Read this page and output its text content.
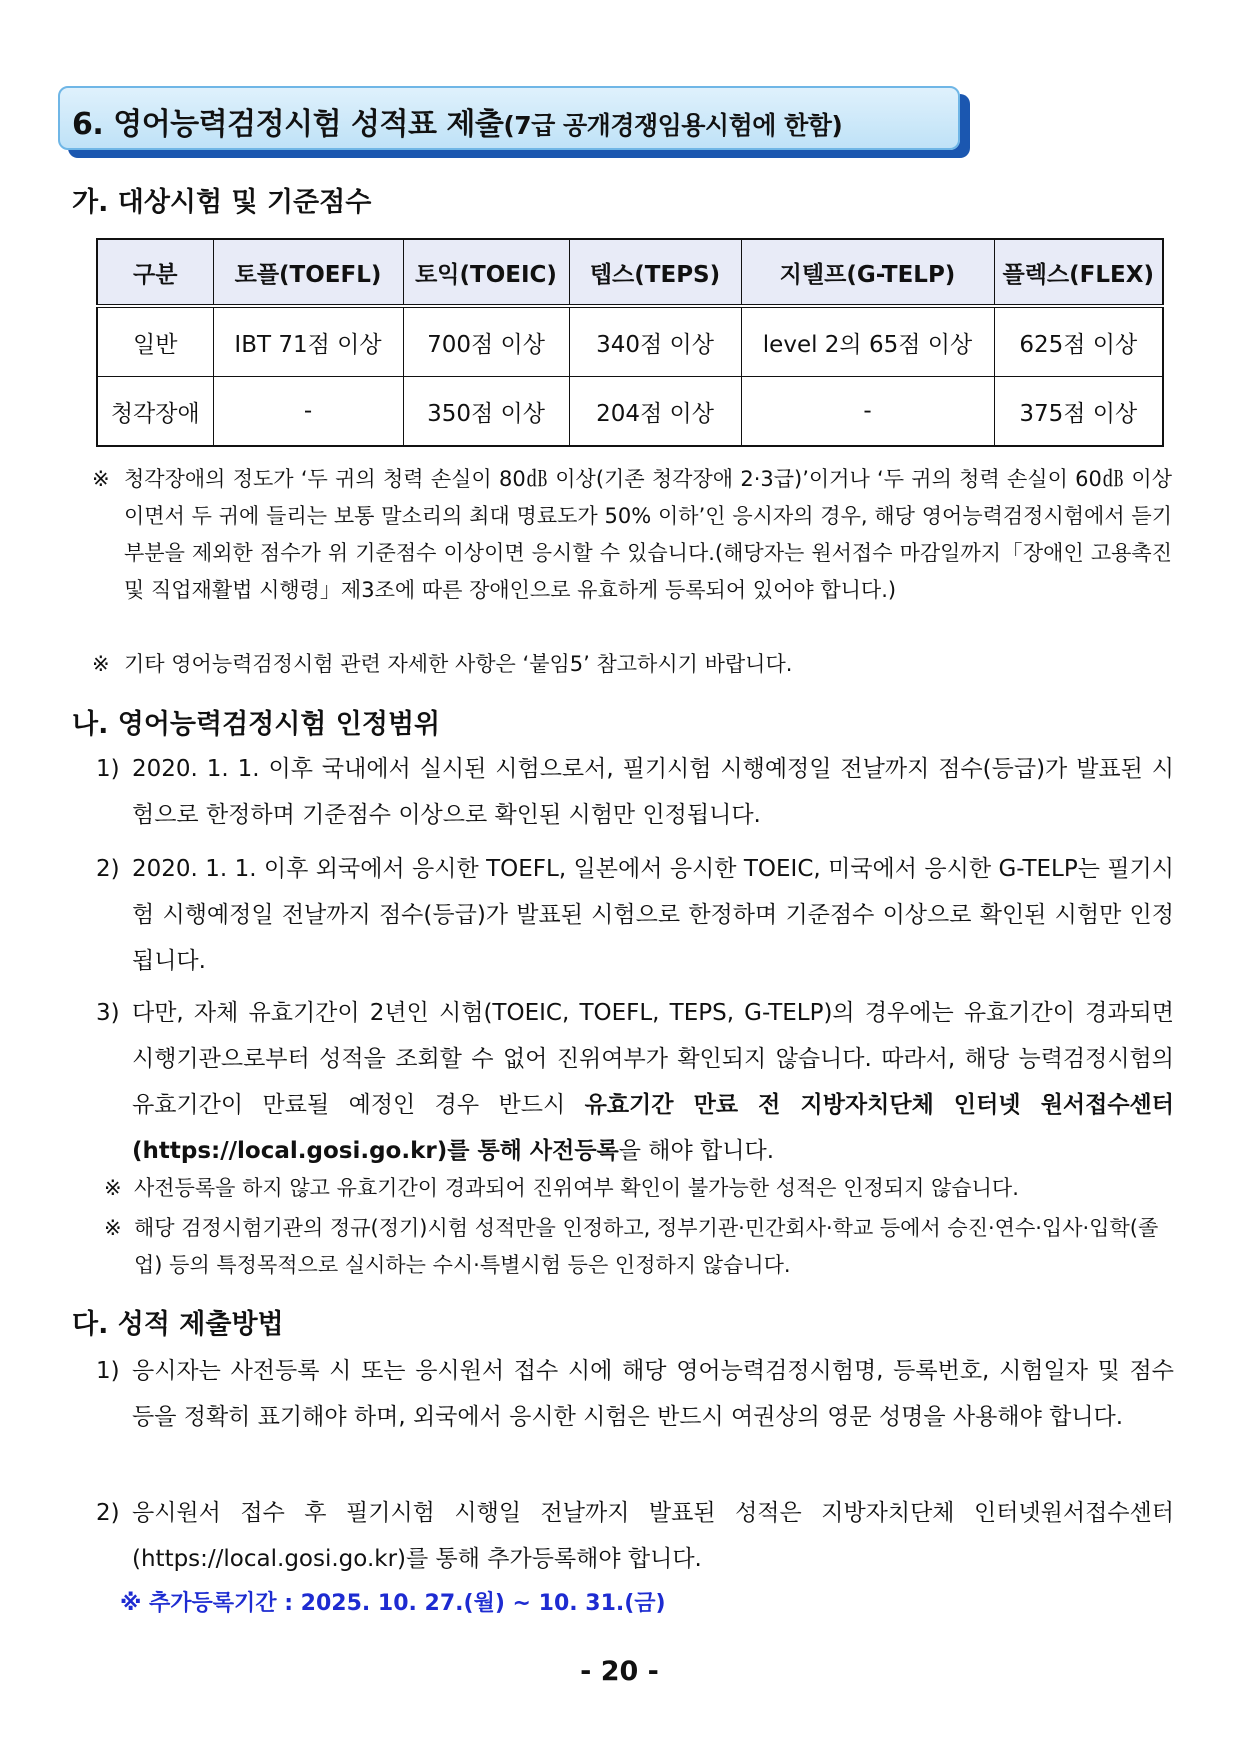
6. 영어능력검정시험 성적표 제출(7급 공개경쟁임용시험에 한함)
가. 대상시험 및 기준점수
구분	토플(TOEFL)	토익(TOEIC)	텝스(TEPS)	지텔프(G-TELP)	플렉스(FLEX)
일반	IBT 71점 이상	700점 이상	340점 이상	level 2의 65점 이상	625점 이상
청각장애	-	350점 이상	204점 이상	-	375점 이상
※ 청각장애의 정도가 ‘두 귀의 청력 손실이 80㏈ 이상(기존 청각장애 2·3급)’이거나 ‘두 귀의 청력 손실이 60㏈ 이상이면서 두 귀에 들리는 보통 말소리의 최대 명료도가 50% 이하’인 응시자의 경우, 해당 영어능력검정시험에서 듣기부분을 제외한 점수가 위 기준점수 이상이면 응시할 수 있습니다.(해당자는 원서접수 마감일까지「장애인 고용촉진 및 직업재활법 시행령」제3조에 따른 장애인으로 유효하게 등록되어 있어야 합니다.)
※ 기타 영어능력검정시험 관련 자세한 사항은 ‘붙임5’ 참고하시기 바랍니다.
나. 영어능력검정시험 인정범위
1) 2020. 1. 1. 이후 국내에서 실시된 시험으로서, 필기시험 시행예정일 전날까지 점수(등급)가 발표된 시험으로 한정하며 기준점수 이상으로 확인된 시험만 인정됩니다.
2) 2020. 1. 1. 이후 외국에서 응시한 TOEFL, 일본에서 응시한 TOEIC, 미국에서 응시한 G-TELP는 필기시험 시행예정일 전날까지 점수(등급)가 발표된 시험으로 한정하며 기준점수 이상으로 확인된 시험만 인정됩니다.
3) 다만, 자체 유효기간이 2년인 시험(TOEIC, TOEFL, TEPS, G-TELP)의 경우에는 유효기간이 경과되면 시행기관으로부터 성적을 조회할 수 없어 진위여부가 확인되지 않습니다. 따라서, 해당 능력검정시험의 유효기간이 만료될 예정인 경우 반드시 유효기간 만료 전 지방자치단체 인터넷 원서접수센터(https://local.gosi.go.kr)를 통해 사전등록을 해야 합니다.
※ 사전등록을 하지 않고 유효기간이 경과되어 진위여부 확인이 불가능한 성적은 인정되지 않습니다.
※ 해당 검정시험기관의 정규(정기)시험 성적만을 인정하고, 정부기관·민간회사·학교 등에서 승진·연수·입사·입학(졸업) 등의 특정목적으로 실시하는 수시·특별시험 등은 인정하지 않습니다.
다. 성적 제출방법
1) 응시자는 사전등록 시 또는 응시원서 접수 시에 해당 영어능력검정시험명, 등록번호, 시험일자 및 점수 등을 정확히 표기해야 하며, 외국에서 응시한 시험은 반드시 여권상의 영문 성명을 사용해야 합니다.
2) 응시원서 접수 후 필기시험 시행일 전날까지 발표된 성적은 지방자치단체 인터넷원서접수센터(https://local.gosi.go.kr)를 통해 추가등록해야 합니다.
※ 추가등록기간 : 2025. 10. 27.(월) ~ 10. 31.(금)
- 20 -
